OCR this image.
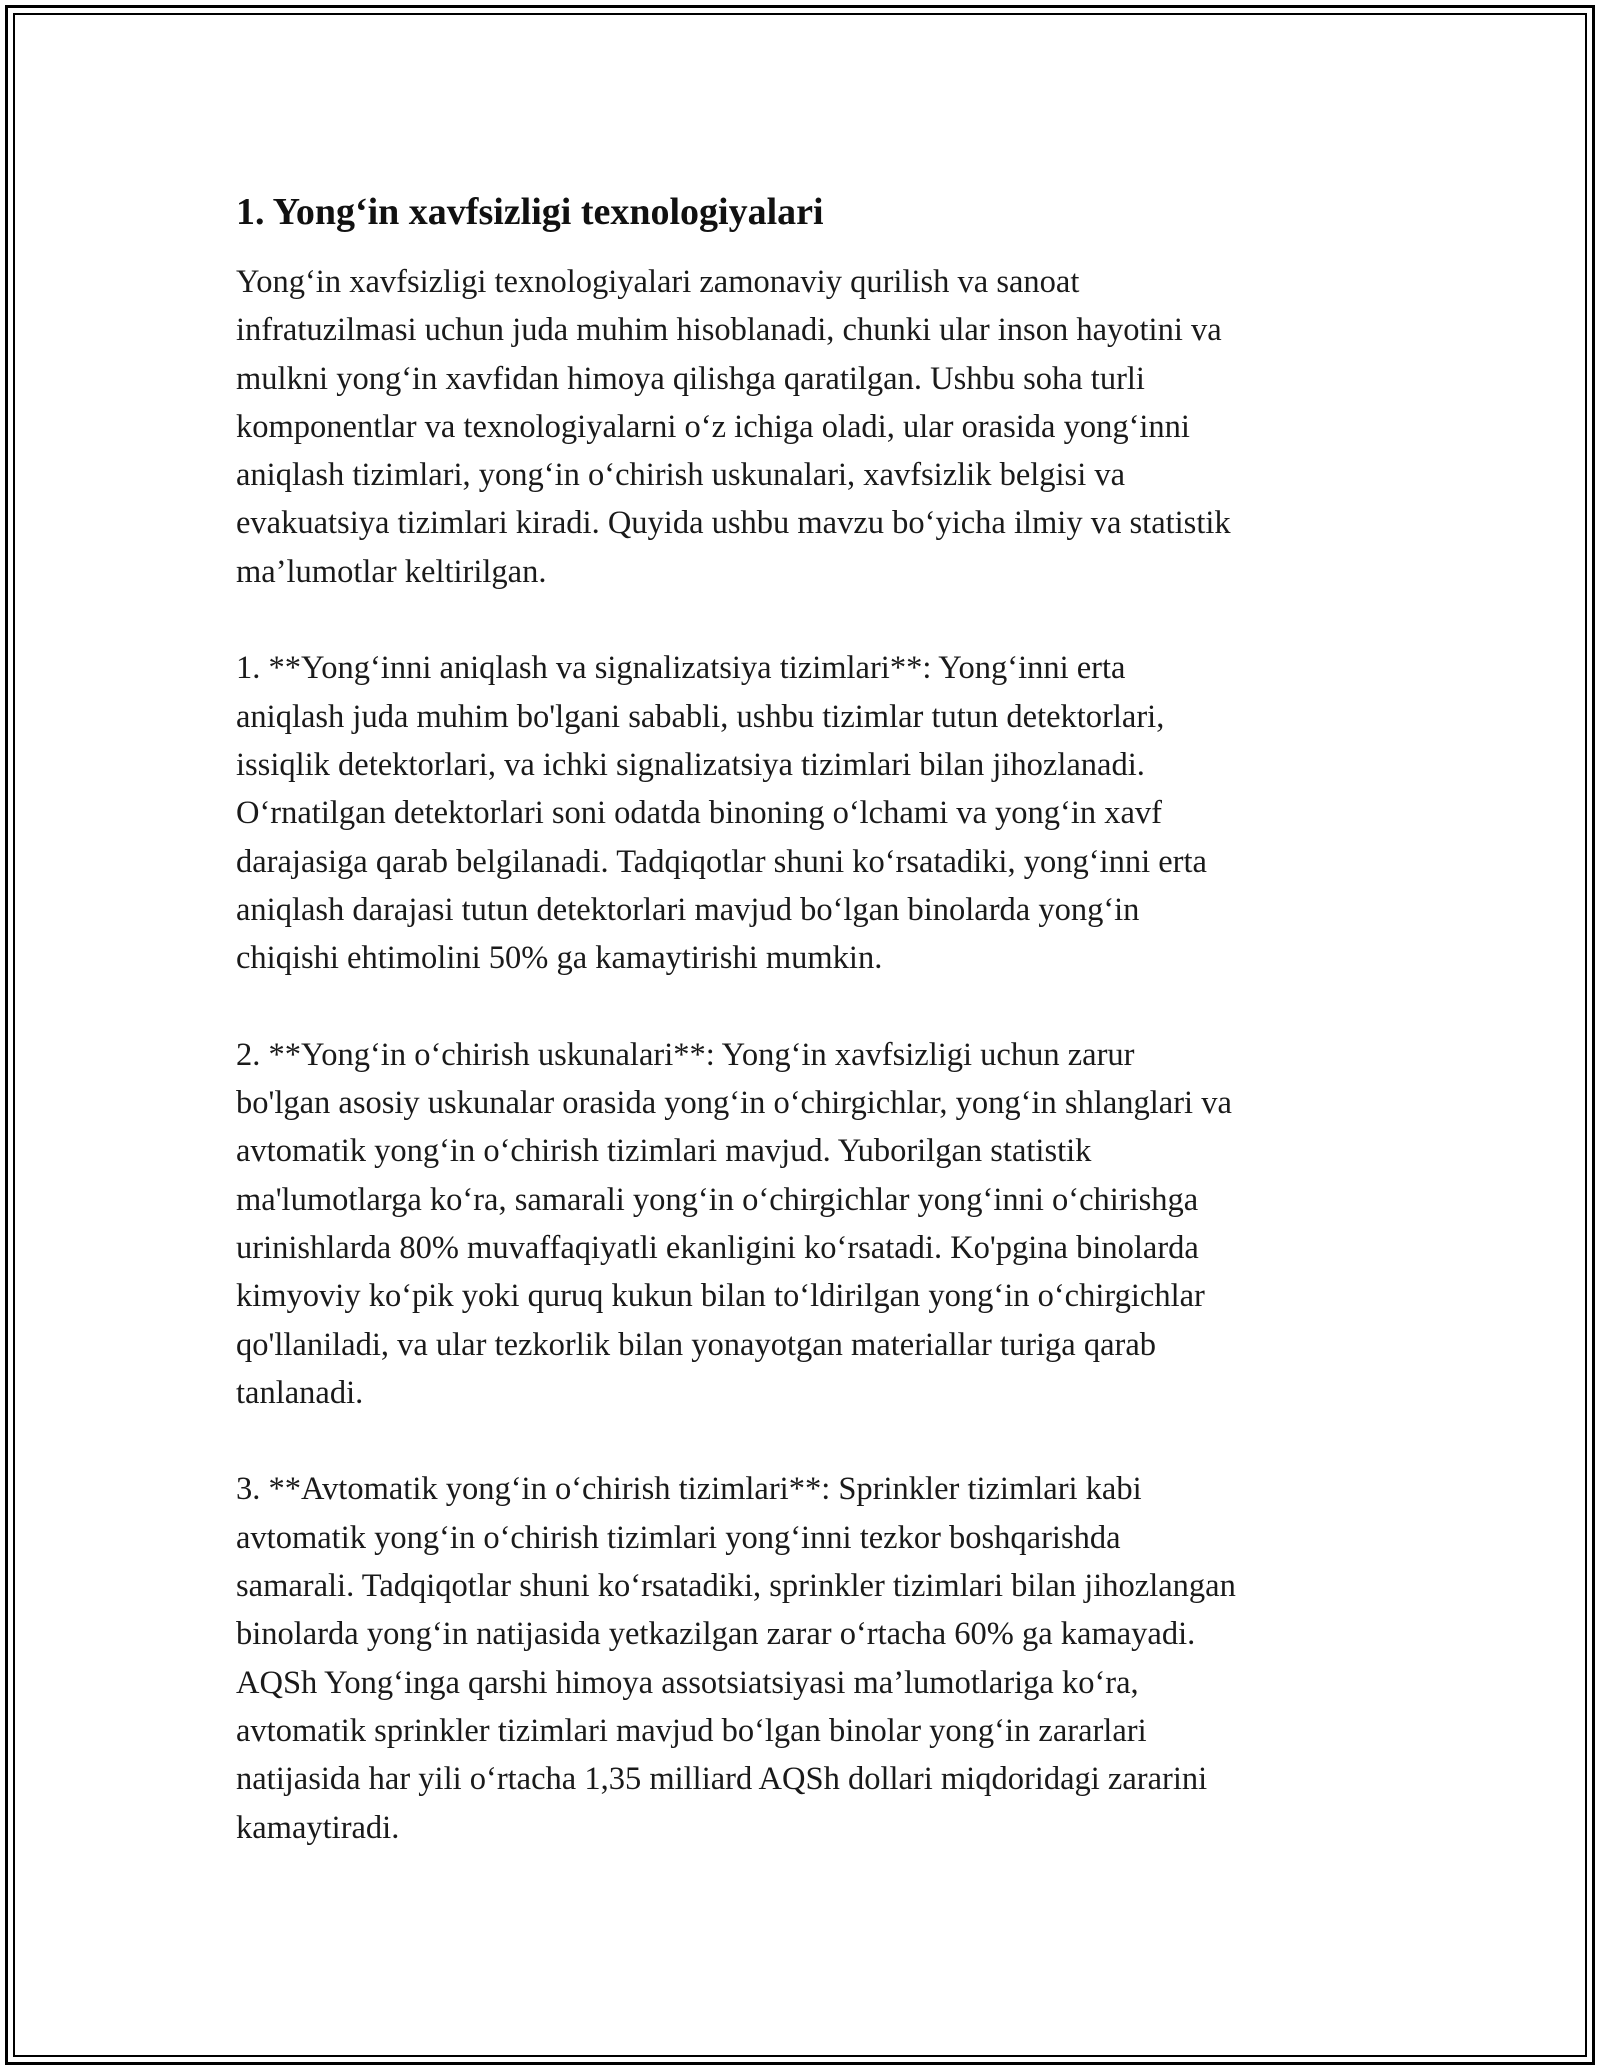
1. Yong‘in xavfsizligi texnologiyalari

Yong‘in xavfsizligi texnologiyalari zamonaviy qurilish va sanoat
infratuzilmasi uchun juda muhim hisoblanadi, chunki ular inson hayotini va
mulkni yong‘in xavfidan himoya qilishga qaratilgan. Ushbu soha turli
komponentlar va texnologiyalarni o‘z ichiga oladi, ular orasida yong‘inni
aniqlash tizimlari, yong‘in o‘chirish uskunalari, xavfsizlik belgisi va
evakuatsiya tizimlari kiradi. Quyida ushbu mavzu bo‘yicha ilmiy va statistik
ma’lumotlar keltirilgan.

1. **Yong‘inni aniqlash va signalizatsiya tizimlari**: Yong‘inni erta
aniqlash juda muhim bo'lgani sababli, ushbu tizimlar tutun detektorlari,
issiqlik detektorlari, va ichki signalizatsiya tizimlari bilan jihozlanadi.
O‘rnatilgan detektorlari soni odatda binoning o‘lchami va yong‘in xavf
darajasiga qarab belgilanadi. Tadqiqotlar shuni ko‘rsatadiki, yong‘inni erta
aniqlash darajasi tutun detektorlari mavjud bo‘lgan binolarda yong‘in
chiqishi ehtimolini 50% ga kamaytirishi mumkin.

2. **Yong‘in o‘chirish uskunalari**: Yong‘in xavfsizligi uchun zarur
bo'lgan asosiy uskunalar orasida yong‘in o‘chirgichlar, yong‘in shlanglari va
avtomatik yong‘in o‘chirish tizimlari mavjud. Yuborilgan statistik
ma'lumotlarga ko‘ra, samarali yong‘in o‘chirgichlar yong‘inni o‘chirishga
urinishlarda 80% muvaffaqiyatli ekanligini ko‘rsatadi. Ko'pgina binolarda
kimyoviy ko‘pik yoki quruq kukun bilan to‘ldirilgan yong‘in o‘chirgichlar
qo'llaniladi, va ular tezkorlik bilan yonayotgan materiallar turiga qarab
tanlanadi.

3. **Avtomatik yong‘in o‘chirish tizimlari**: Sprinkler tizimlari kabi
avtomatik yong‘in o‘chirish tizimlari yong‘inni tezkor boshqarishda
samarali. Tadqiqotlar shuni ko‘rsatadiki, sprinkler tizimlari bilan jihozlangan
binolarda yong‘in natijasida yetkazilgan zarar o‘rtacha 60% ga kamayadi.
AQSh Yong‘inga qarshi himoya assotsiatsiyasi ma’lumotlariga ko‘ra,
avtomatik sprinkler tizimlari mavjud bo‘lgan binolar yong‘in zararlari
natijasida har yili o‘rtacha 1,35 milliard AQSh dollari miqdoridagi zararini
kamaytiradi.
